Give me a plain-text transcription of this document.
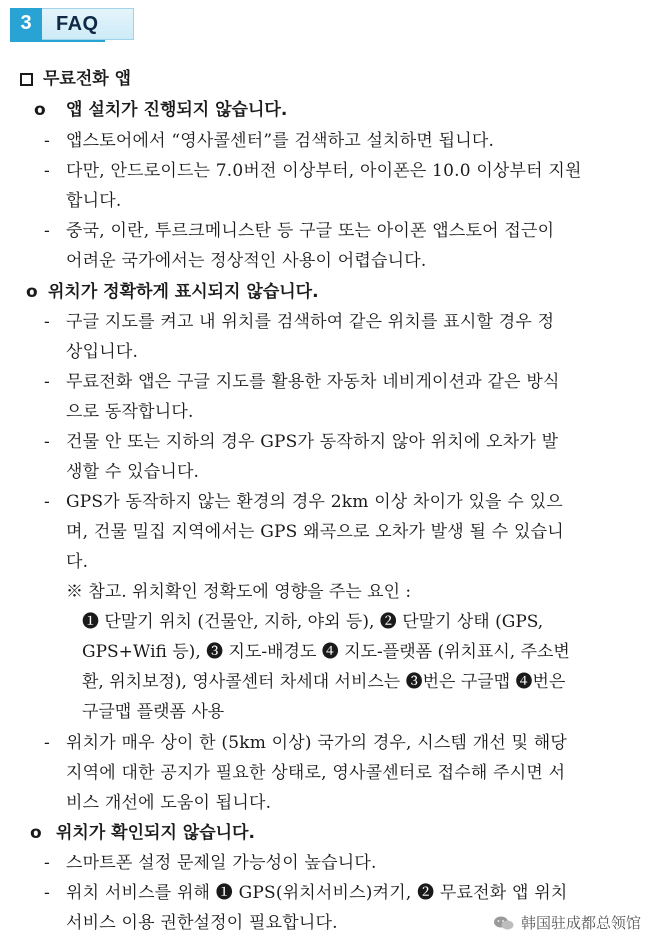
3	FAQ
무료전화 앱
o 앱 설치가 진행되지 않습니다.
- 앱스토어에서 “영사콜센터”를 검색하고 설치하면 됩니다.
- 다만, 안드로이드는 7.0버전 이상부터, 아이폰은 10.0 이상부터 지원
합니다.
- 중국, 이란, 투르크메니스탄 등 구글 또는 아이폰 앱스토어 접근이
어려운 국가에서는 정상적인 사용이 어렵습니다.
o 위치가 정확하게 표시되지 않습니다.
- 구글 지도를 켜고 내 위치를 검색하여 같은 위치를 표시할 경우 정
상입니다.
- 무료전화 앱은 구글 지도를 활용한 자동차 네비게이션과 같은 방식
으로 동작합니다.
- 건물 안 또는 지하의 경우 GPS가 동작하지 않아 위치에 오차가 발
생할 수 있습니다.
- GPS가 동작하지 않는 환경의 경우 2km 이상 차이가 있을 수 있으
며, 건물 밀집 지역에서는 GPS 왜곡으로 오차가 발생 될 수 있습니
다.
※ 참고. 위치확인 정확도에 영향을 주는 요인 :
❶ 단말기 위치 (건물안, 지하, 야외 등), ❷ 단말기 상태 (GPS,
GPS+Wifi 등), ❸ 지도-배경도 ❹ 지도-플랫폼 (위치표시, 주소변
환, 위치보정), 영사콜센터 차세대 서비스는 ❸번은 구글맵 ❹번은
구글맵 플랫폼 사용
- 위치가 매우 상이 한 (5km 이상) 국가의 경우, 시스템 개선 및 해당
지역에 대한 공지가 필요한 상태로, 영사콜센터로 접수해 주시면 서
비스 개선에 도움이 됩니다.
o 위치가 확인되지 않습니다.
- 스마트폰 설정 문제일 가능성이 높습니다.
- 위치 서비스를 위해 ❶ GPS(위치서비스)켜기, ❷ 무료전화 앱 위치
서비스 이용 권한설정이 필요합니다.	韩国驻成都总领馆
